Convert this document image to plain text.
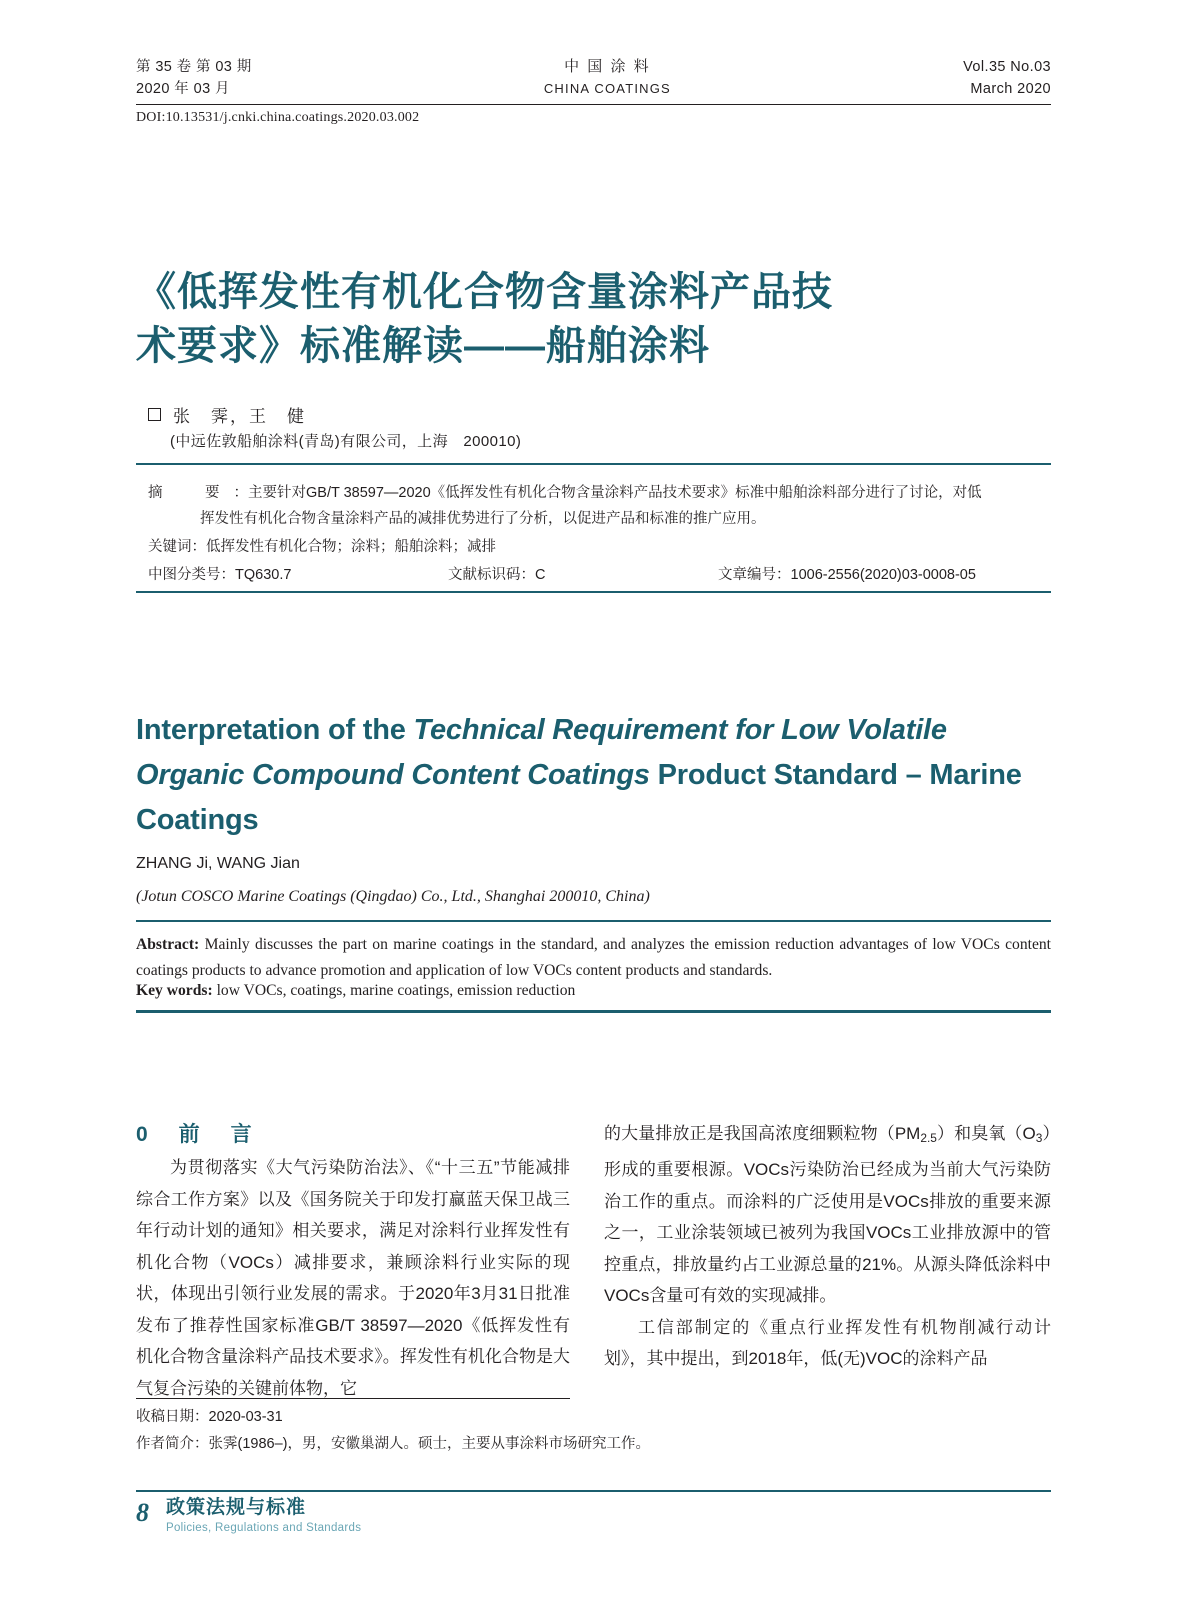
第 35 卷 第 03 期
2020 年 03 月
中 国 涂 料
CHINA COATINGS
Vol.35 No.03
March 2020
DOI:10.13531/j.cnki.china.coatings.2020.03.002
《低挥发性有机化合物含量涂料产品技
术要求》标准解读——船舶涂料
张　霁，王　健
(中远佐敦船舶涂料(青岛)有限公司，上海　200010)
摘　要：主要针对GB/T 38597—2020《低挥发性有机化合物含量涂料产品技术要求》标准中船舶涂料部分进行了讨论，对低
挥发性有机化合物含量涂料产品的减排优势进行了分析，以促进产品和标准的推广应用。
关键词：低挥发性有机化合物；涂料；船舶涂料；减排
中图分类号：TQ630.7	文献标识码：C	文章编号：1006-2556(2020)03-0008-05
Interpretation of the Technical Requirement for Low Volatile Organic Compound Content Coatings Product Standard – Marine Coatings
ZHANG Ji, WANG Jian
(Jotun COSCO Marine Coatings (Qingdao) Co., Ltd., Shanghai 200010, China)
Abstract: Mainly discusses the part on marine coatings in the standard, and analyzes the emission reduction advantages of low VOCs content coatings products to advance promotion and application of low VOCs content products and standards.
Key words: low VOCs, coatings, marine coatings, emission reduction
0　前　言

为贯彻落实《大气污染防治法》、《“十三五”节能减排综合工作方案》以及《国务院关于印发打赢蓝天保卫战三年行动计划的通知》相关要求，满足对涂料行业挥发性有机化合物（VOCs）减排要求，兼顾涂料行业实际的现状，体现出引领行业发展的需求。于2020年3月31日批准发布了推荐性国家标准GB/T 38597—2020《低挥发性有机化合物含量涂料产品技术要求》。挥发性有机化合物是大气复合污染的关键前体物，它

的大量排放正是我国高浓度细颗粒物$(PM_{2.5})$和臭氧$(O_3)$形成的重要根源。VOCs污染防治已经成为当前大气污染防治工作的重点。而涂料的广泛使用是VOCs排放的重要来源之一，工业涂装领域已被列为我国VOCs工业排放源中的管控重点，排放量约占工业源总量的21%。从源头降低涂料中VOCs含量可有效的实现减排。

工信部制定的《重点行业挥发性有机物削减行动计划》，其中提出，到2018年，低(无)VOC的涂料产品

收稿日期：2020-03-31
作者简介：张霁(1986–)，男，安徽巢湖人。硕士，主要从事涂料市场研究工作。
8 政策法规与标准
Policies, Regulations and Standards
